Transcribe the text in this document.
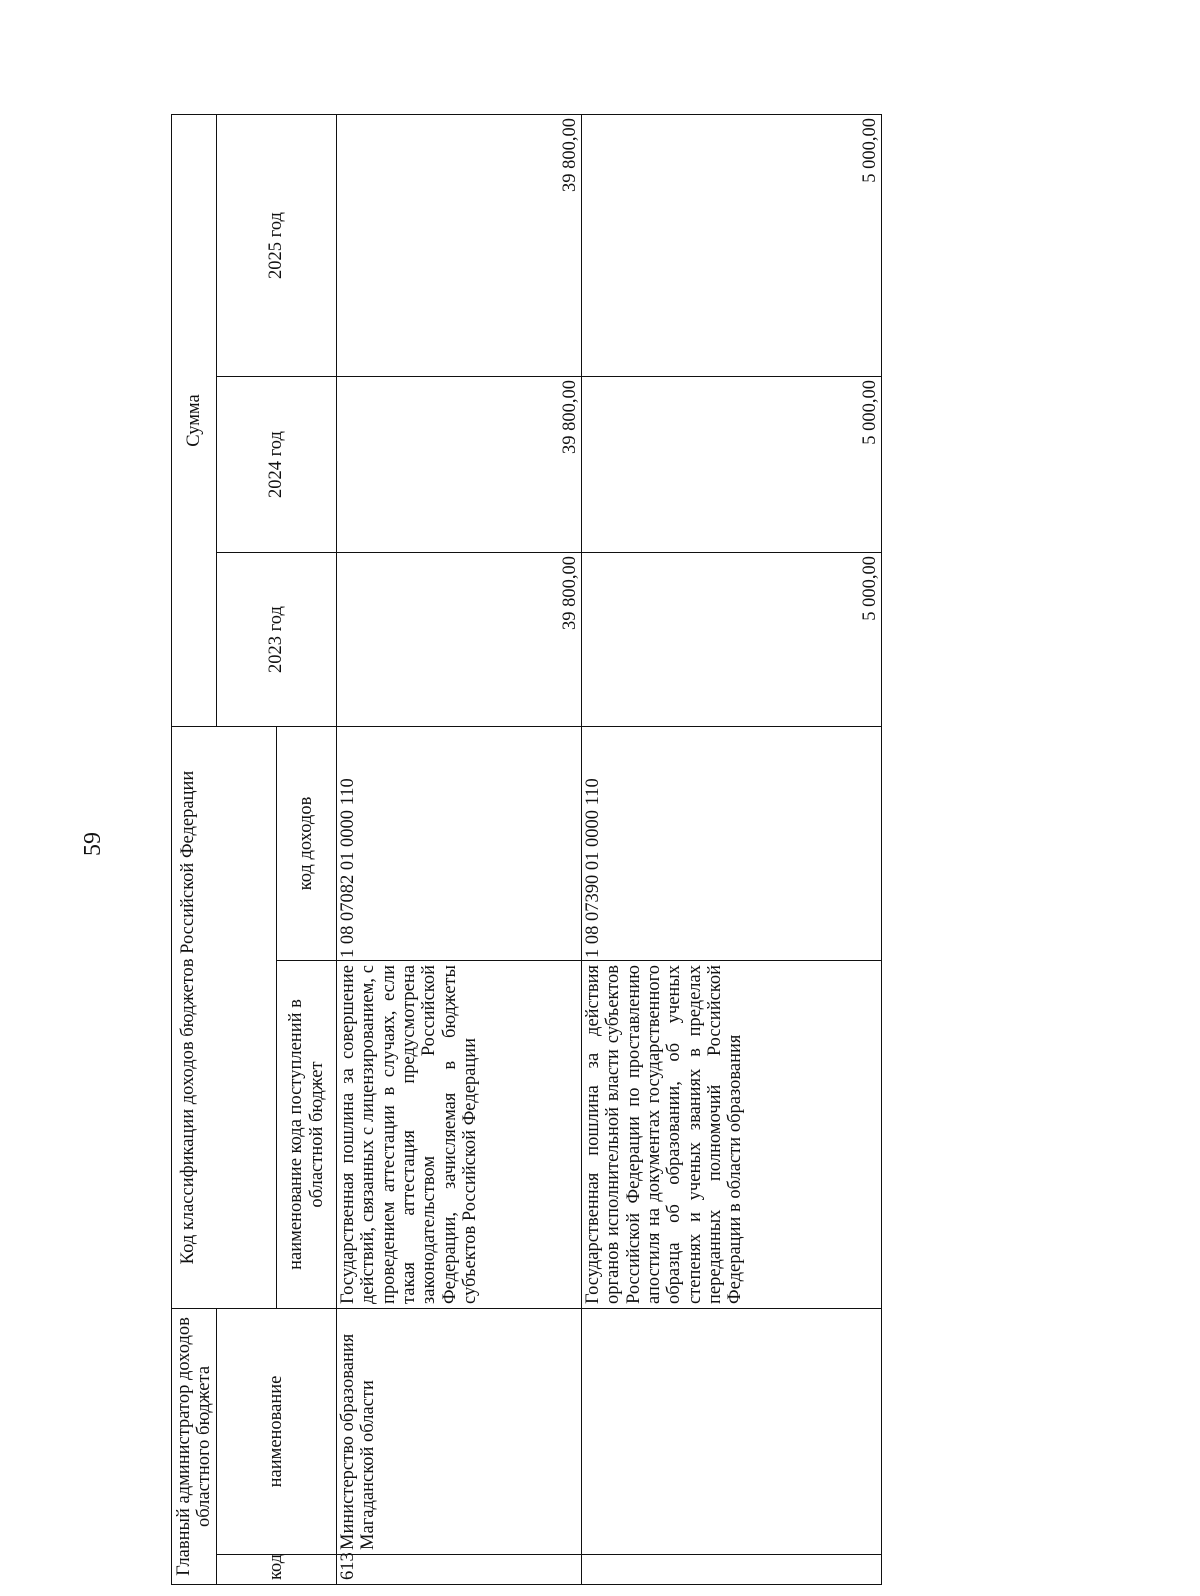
59
Главный администратор доходов областного бюджета		Код классификации доходов бюджетов Российской Федерации		Сумма		
код	наименование			2023 год	2024 год	2025 год
		наименование кода поступлений в областной бюджет	код доходов			
613	Министерство образования Магаданской области	Государственная пошлина за совершение действий, связанных с лицензированием, с проведением аттестации в случаях, если такая аттестация предусмотрена законодательством Российской Федерации, зачисляемая в бюджеты субъектов Российской Федерации	1 08 07082 01 0000 110	39 800,00	39 800,00	39 800,00
		Государственная пошлина за действия органов исполнительной власти субъектов Российской Федерации по проставлению апостиля на документах государственного образца об образовании, об ученых степенях и ученых званиях в пределах переданных полномочий Российской Федерации в области образования	1 08 07390 01 0000 110	5 000,00	5 000,00	5 000,00
